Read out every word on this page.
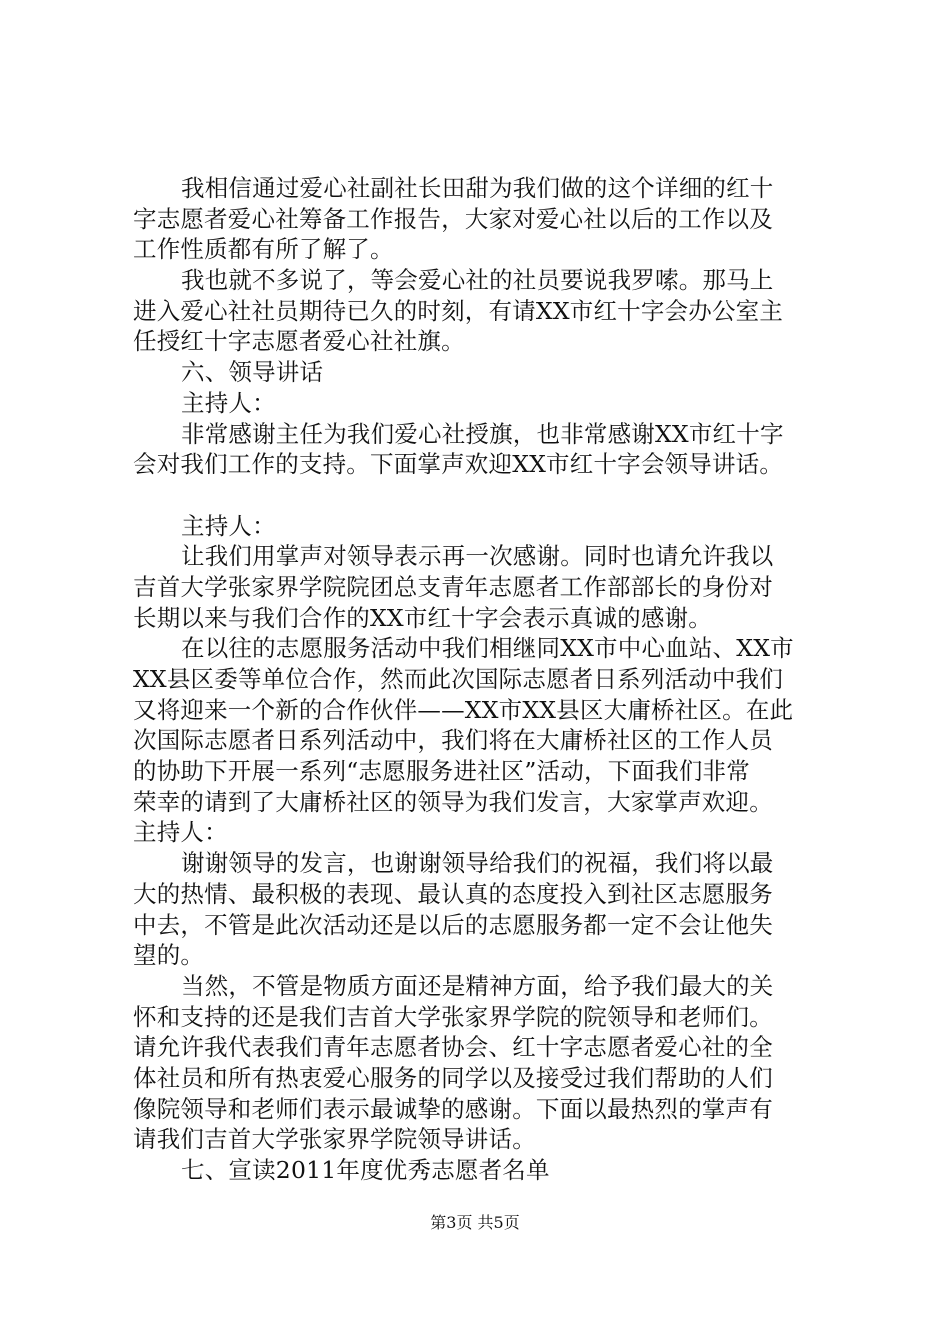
我相信通过爱心社副社长田甜为我们做的这个详细的红十
字志愿者爱心社筹备工作报告，大家对爱心社以后的工作以及
工作性质都有所了解了。
我也就不多说了，等会爱心社的社员要说我罗嗦。那马上
进入爱心社社员期待已久的时刻，有请XX市红十字会办公室主
任授红十字志愿者爱心社社旗。
六、领导讲话
主持人：
非常感谢主任为我们爱心社授旗，也非常感谢XX市红十字
会对我们工作的支持。下面掌声欢迎XX市红十字会领导讲话。
主持人：
让我们用掌声对领导表示再一次感谢。同时也请允许我以
吉首大学张家界学院院团总支青年志愿者工作部部长的身份对
长期以来与我们合作的XX市红十字会表示真诚的感谢。
在以往的志愿服务活动中我们相继同XX市中心血站、XX市
XX县区委等单位合作，然而此次国际志愿者日系列活动中我们
又将迎来一个新的合作伙伴——XX市XX县区大庸桥社区。在此
次国际志愿者日系列活动中，我们将在大庸桥社区的工作人员
的协助下开展一系列“志愿服务进社区”活动，下面我们非常
荣幸的请到了大庸桥社区的领导为我们发言，大家掌声欢迎。
主持人：
谢谢领导的发言，也谢谢领导给我们的祝福，我们将以最
大的热情、最积极的表现、最认真的态度投入到社区志愿服务
中去，不管是此次活动还是以后的志愿服务都一定不会让他失
望的。
当然，不管是物质方面还是精神方面，给予我们最大的关
怀和支持的还是我们吉首大学张家界学院的院领导和老师们。
请允许我代表我们青年志愿者协会、红十字志愿者爱心社的全
体社员和所有热衷爱心服务的同学以及接受过我们帮助的人们
像院领导和老师们表示最诚挚的感谢。下面以最热烈的掌声有
请我们吉首大学张家界学院领导讲话。
七、宣读2011年度优秀志愿者名单
第3页 共5页
